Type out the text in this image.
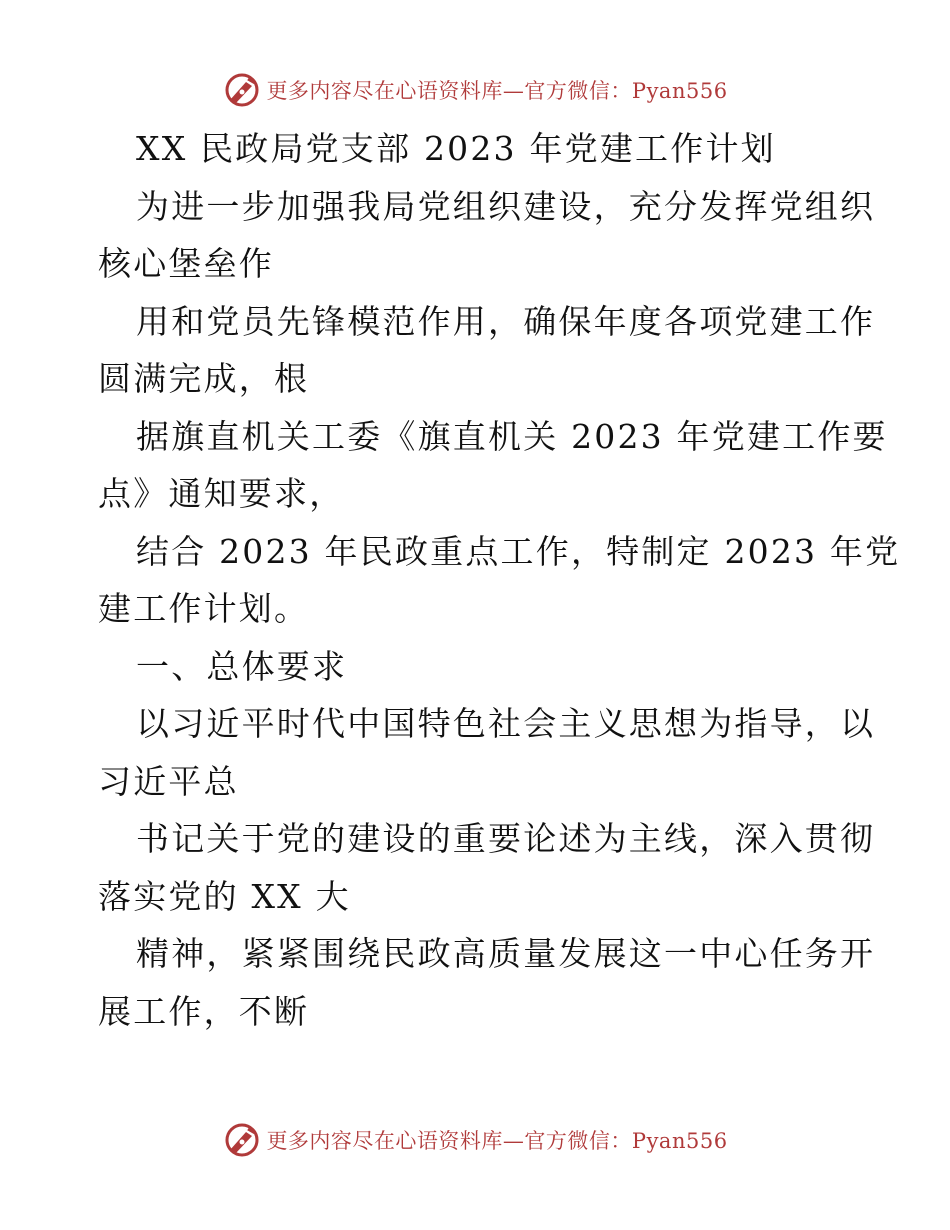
更多内容尽在心语资料库—官方微信：Pyan556
XX 民政局党支部 2023 年党建工作计划
为进一步加强我局党组织建设，充分发挥党组织
核心堡垒作
用和党员先锋模范作用，确保年度各项党建工作
圆满完成，根
据旗直机关工委《旗直机关 2023 年党建工作要
点》通知要求，
结合 2023 年民政重点工作，特制定 2023 年党
建工作计划。
一、总体要求
以习近平时代中国特色社会主义思想为指导，以
习近平总
书记关于党的建设的重要论述为主线，深入贯彻
落实党的 XX 大
精神，紧紧围绕民政高质量发展这一中心任务开
展工作，不断
更多内容尽在心语资料库—官方微信：Pyan556
